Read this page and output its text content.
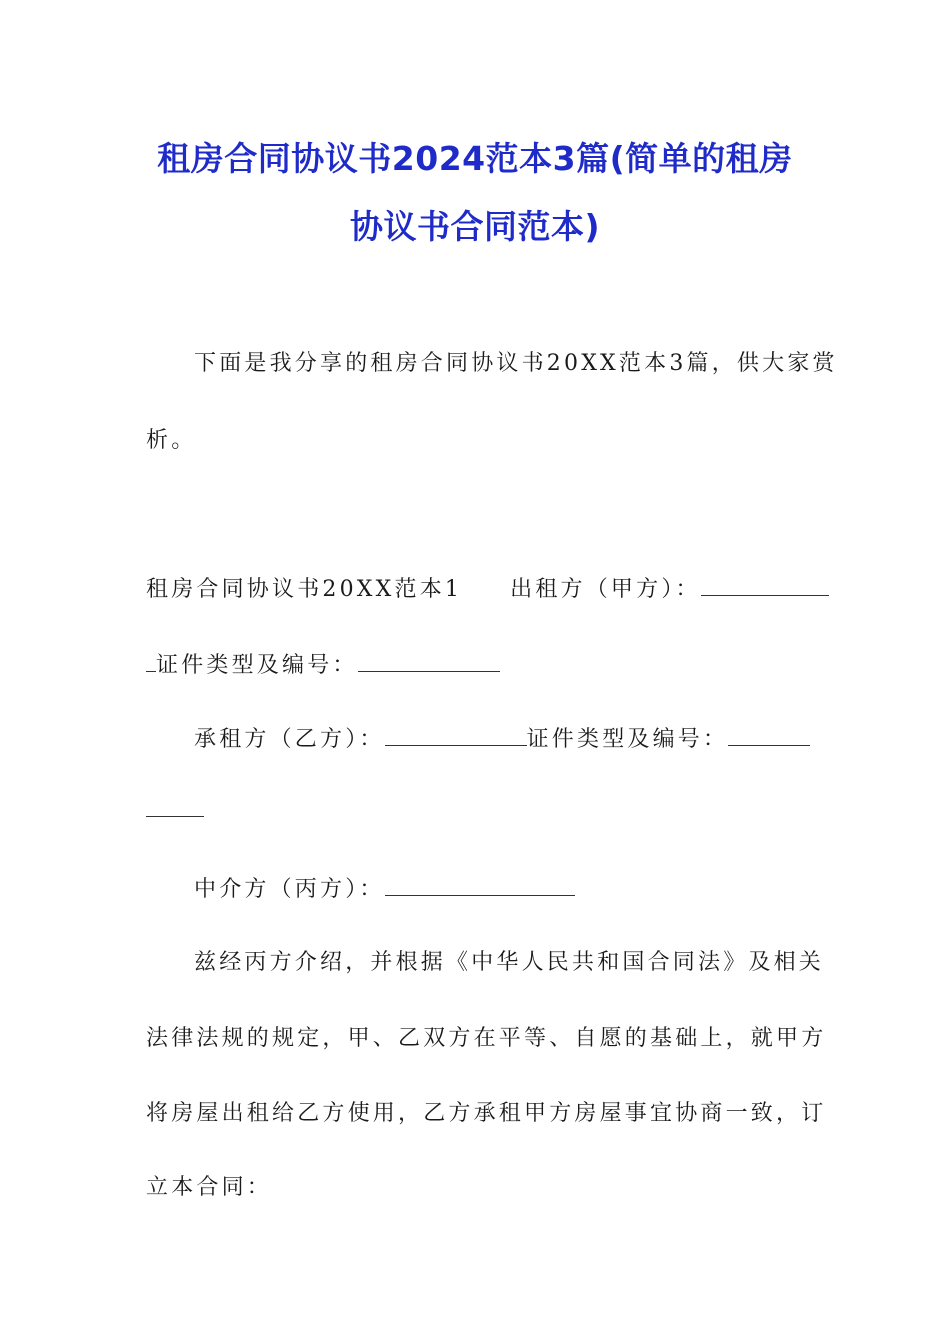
租房合同协议书2024范本3篇(简单的租房
协议书合同范本)
下面是我分享的租房合同协议书20XX范本3篇，供大家赏
析。
租房合同协议书20XX范本1 出租方（甲方）：
证件类型及编号：
承租方（乙方）：	证件类型及编号：
中介方（丙方）：
兹经丙方介绍，并根据《中华人民共和国合同法》及相关
法律法规的规定，甲、乙双方在平等、自愿的基础上，就甲方
将房屋出租给乙方使用，乙方承租甲方房屋事宜协商一致，订
立本合同：
